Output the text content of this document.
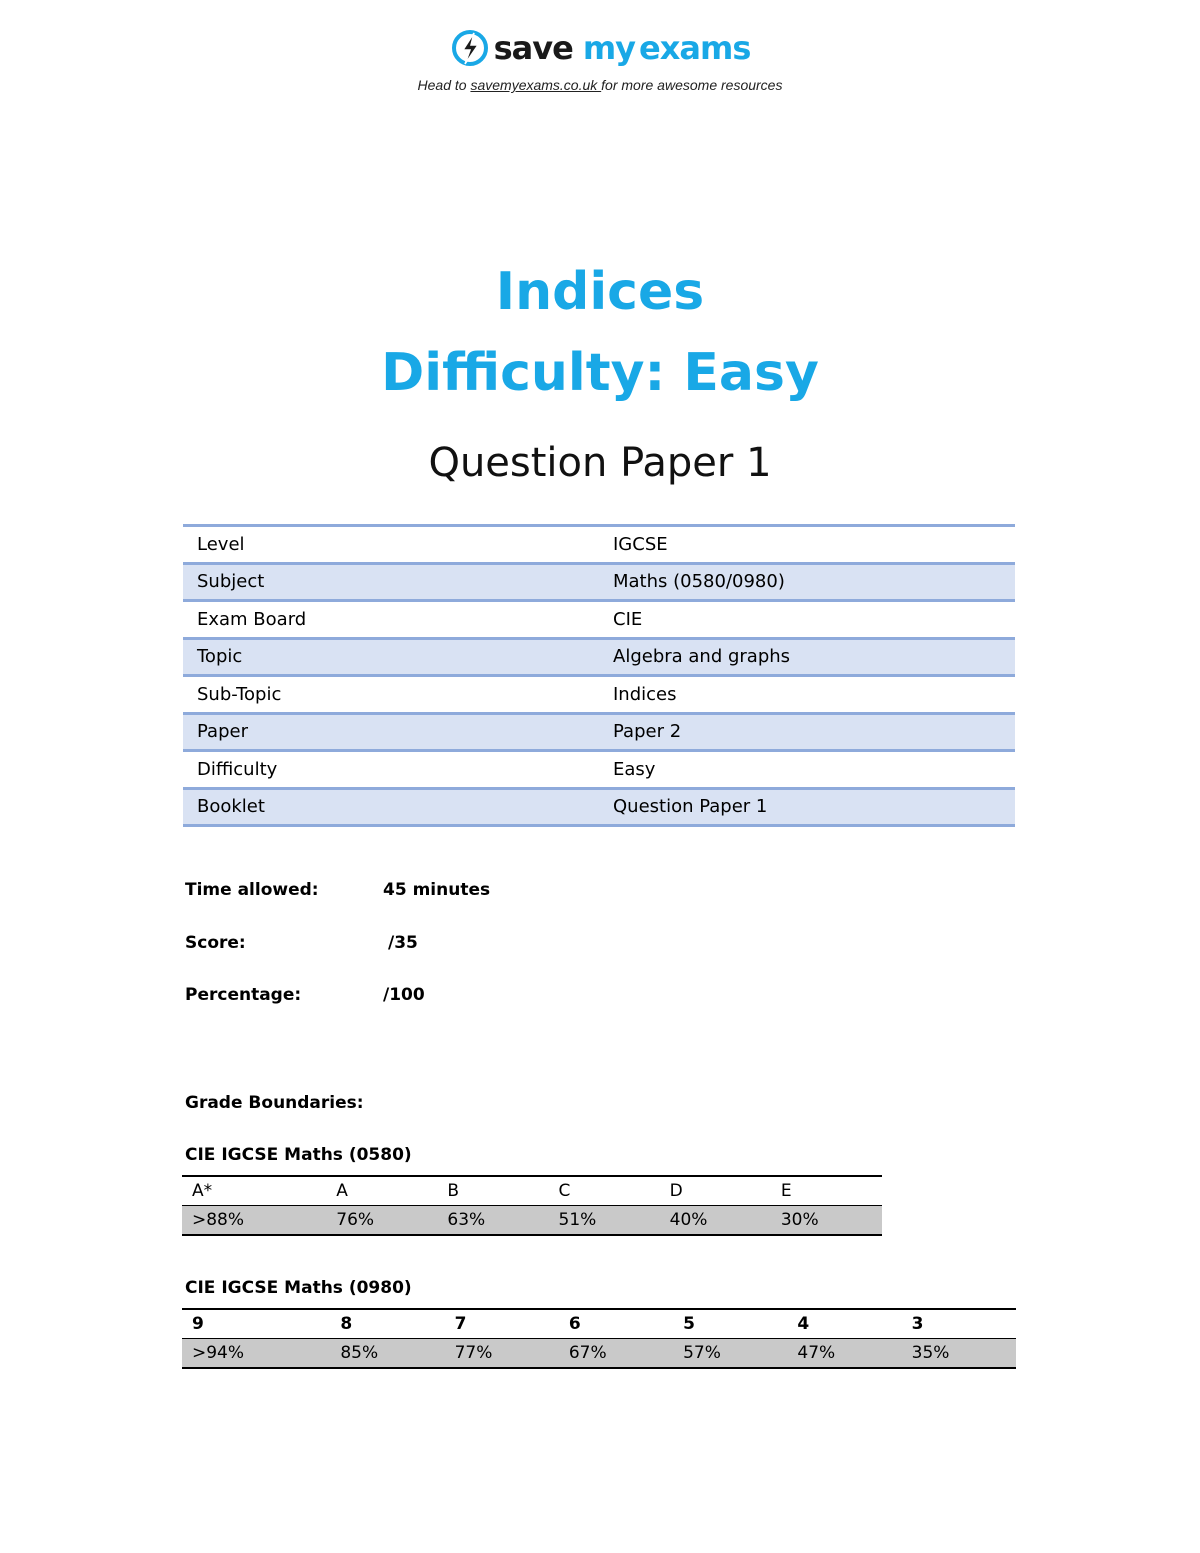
save my exams
Head to savemyexams.co.uk for more awesome resources
Indices
Difficulty: Easy
Question Paper 1
Level	IGCSE
Subject	Maths (0580/0980)
Exam Board	CIE
Topic	Algebra and graphs
Sub-Topic	Indices
Paper	Paper 2
Difficulty	Easy
Booklet	Question Paper 1
Time allowed:	45 minutes
Score:	/35
Percentage:	/100
Grade Boundaries:
CIE IGCSE Maths (0580)
A*	A	B	C	D	E
>88%	76%	63%	51%	40%	30%
CIE IGCSE Maths (0980)
9	8	7	6	5	4	3
>94%	85%	77%	67%	57%	47%	35%
